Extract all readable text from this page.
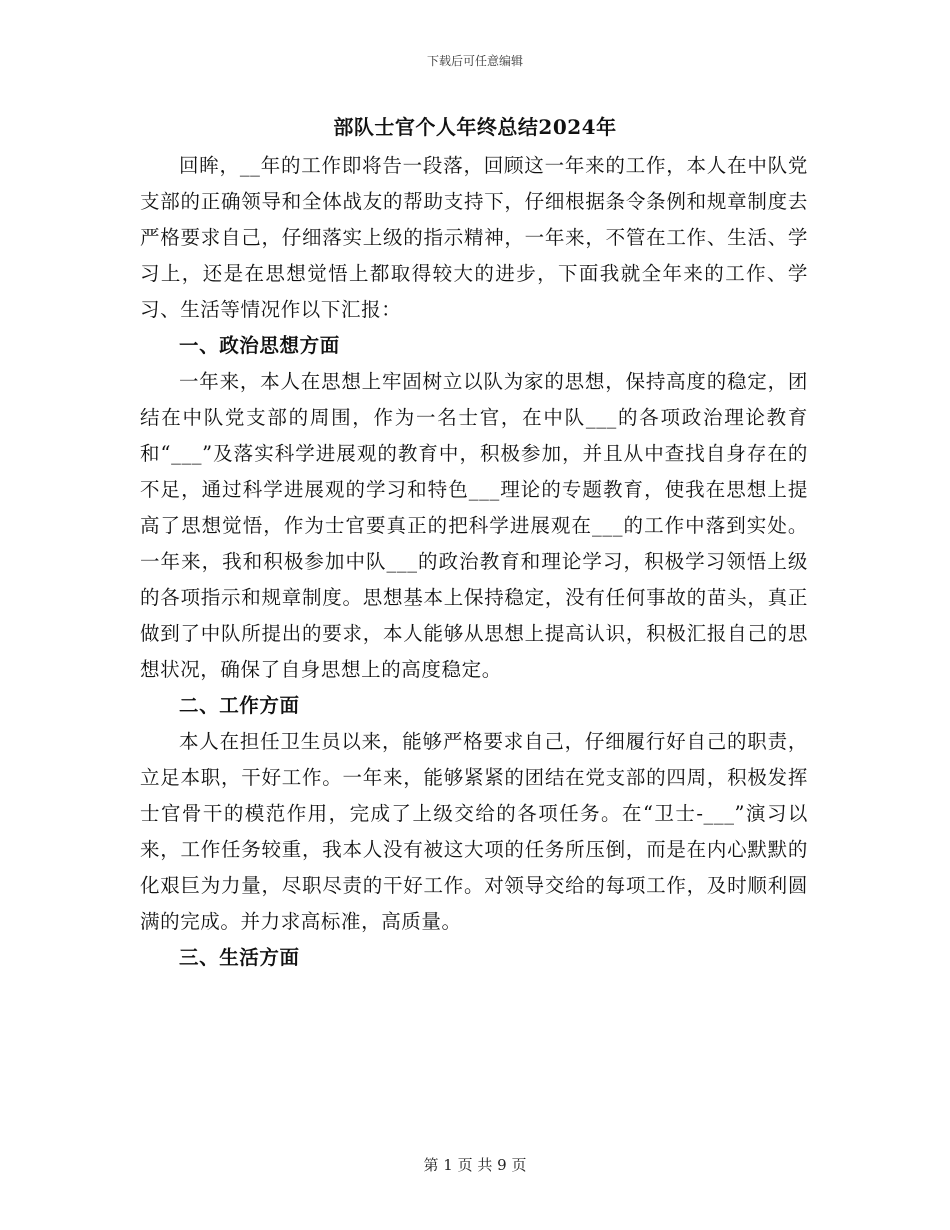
下载后可任意编辑
部队士官个人年终总结2024年

回眸，__年的工作即将告一段落，回顾这一年来的工作，本人在中队党支部的正确领导和全体战友的帮助支持下，仔细根据条令条例和规章制度去严格要求自己，仔细落实上级的指示精神，一年来，不管在工作、生活、学习上，还是在思想觉悟上都取得较大的进步，下面我就全年来的工作、学习、生活等情况作以下汇报：

一、政治思想方面

一年来，本人在思想上牢固树立以队为家的思想，保持高度的稳定，团结在中队党支部的周围，作为一名士官，在中队___的各项政治理论教育和“___”及落实科学进展观的教育中，积极参加，并且从中查找自身存在的不足，通过科学进展观的学习和特色___理论的专题教育，使我在思想上提高了思想觉悟，作为士官要真正的把科学进展观在___的工作中落到实处。一年来，我和积极参加中队___的政治教育和理论学习，积极学习领悟上级的各项指示和规章制度。思想基本上保持稳定，没有任何事故的苗头，真正做到了中队所提出的要求，本人能够从思想上提高认识，积极汇报自己的思想状况，确保了自身思想上的高度稳定。

二、工作方面

本人在担任卫生员以来，能够严格要求自己，仔细履行好自己的职责，立足本职，干好工作。一年来，能够紧紧的团结在党支部的四周，积极发挥士官骨干的模范作用，完成了上级交给的各项任务。在“卫士-___”演习以来，工作任务较重，我本人没有被这大项的任务所压倒，而是在内心默默的化艰巨为力量，尽职尽责的干好工作。对领导交给的每项工作，及时顺利圆满的完成。并力求高标准，高质量。

三、生活方面

第 1 页 共 9 页
